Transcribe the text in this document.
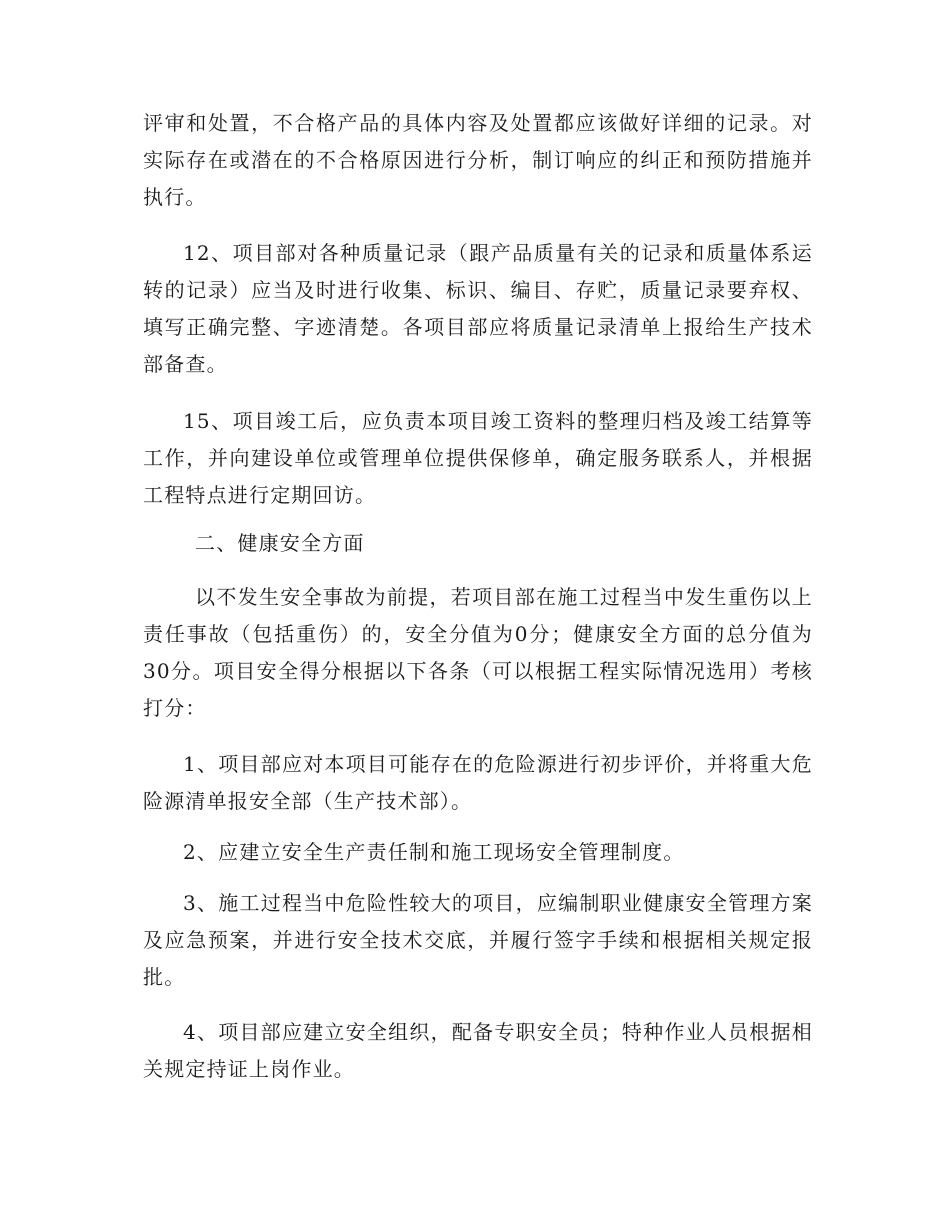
评审和处置，不合格产品的具体内容及处置都应该做好详细的记录。对实际存在或潜在的不合格原因进行分析，制订响应的纠正和预防措施并执行。

12、项目部对各种质量记录（跟产品质量有关的记录和质量体系运转的记录）应当及时进行收集、标识、编目、存贮，质量记录要弃权、填写正确完整、字迹清楚。各项目部应将质量记录清单上报给生产技术部备查。

15、项目竣工后，应负责本项目竣工资料的整理归档及竣工结算等工作，并向建设单位或管理单位提供保修单，确定服务联系人，并根据工程特点进行定期回访。

二、健康安全方面

以不发生安全事故为前提，若项目部在施工过程当中发生重伤以上责任事故（包括重伤）的，安全分值为0分；健康安全方面的总分值为30分。项目安全得分根据以下各条（可以根据工程实际情况选用）考核打分：

1、项目部应对本项目可能存在的危险源进行初步评价，并将重大危险源清单报安全部（生产技术部）。

2、应建立安全生产责任制和施工现场安全管理制度。

3、施工过程当中危险性较大的项目，应编制职业健康安全管理方案及应急预案，并进行安全技术交底，并履行签字手续和根据相关规定报批。

4、项目部应建立安全组织，配备专职安全员；特种作业人员根据相关规定持证上岗作业。
